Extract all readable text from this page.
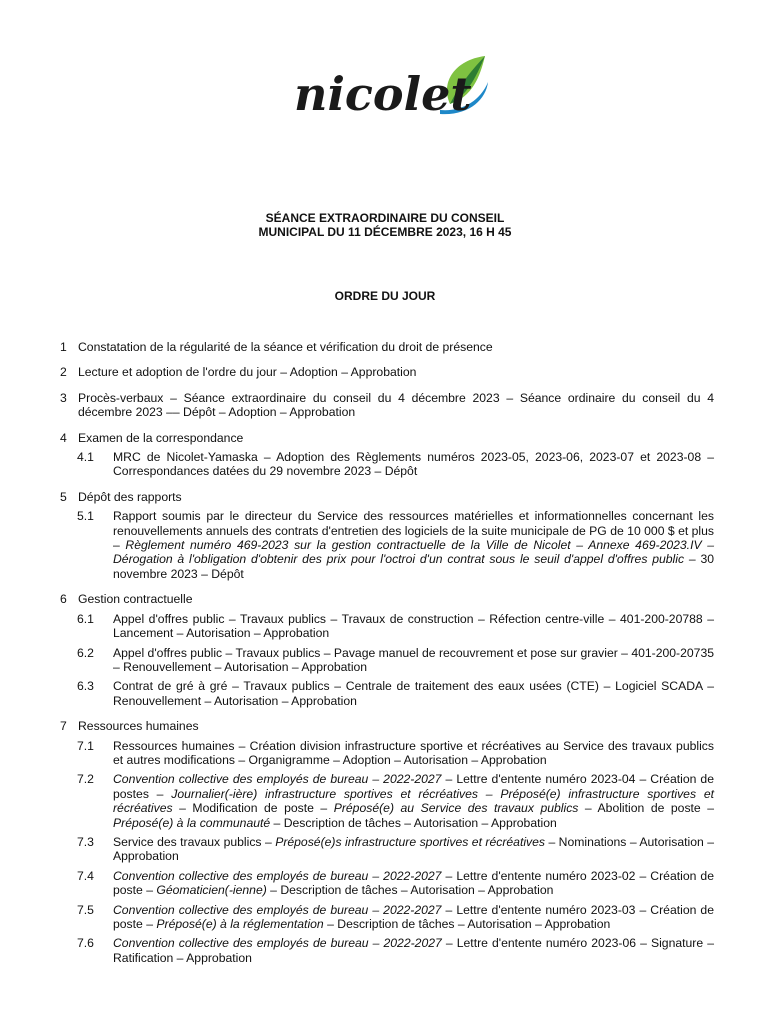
nicolet
SÉANCE EXTRAORDINAIRE DU CONSEIL
MUNICIPAL DU 11 DÉCEMBRE 2023, 16 H 45
ORDRE DU JOUR
1 Constatation de la régularité de la séance et vérification du droit de présence
2 Lecture et adoption de l'ordre du jour – Adoption – Approbation
3 Procès-verbaux – Séance extraordinaire du conseil du 4 décembre 2023 – Séance ordinaire du conseil du 4 décembre 2023 –– Dépôt – Adoption – Approbation
4 Examen de la correspondance
4.1	MRC de Nicolet-Yamaska – Adoption des Règlements numéros 2023-05, 2023-06, 2023-07 et 2023-08 – Correspondances datées du 29 novembre 2023 – Dépôt
5 Dépôt des rapports
5.1	Rapport soumis par le directeur du Service des ressources matérielles et informationnelles concernant les renouvellements annuels des contrats d'entretien des logiciels de la suite municipale de PG de 10 000 $ et plus – Règlement numéro 469-2023 sur la gestion contractuelle de la Ville de Nicolet – Annexe 469-2023.IV – Dérogation à l'obligation d'obtenir des prix pour l'octroi d'un contrat sous le seuil d'appel d'offres public – 30 novembre 2023 – Dépôt
6 Gestion contractuelle
6.1	Appel d'offres public – Travaux publics – Travaux de construction – Réfection centre-ville – 401-200-20788 – Lancement – Autorisation – Approbation
6.2	Appel d'offres public – Travaux publics – Pavage manuel de recouvrement et pose sur gravier – 401-200-20735 – Renouvellement – Autorisation – Approbation
6.3	Contrat de gré à gré – Travaux publics – Centrale de traitement des eaux usées (CTE) – Logiciel SCADA – Renouvellement – Autorisation – Approbation
7 Ressources humaines
7.1	Ressources humaines – Création division infrastructure sportive et récréatives au Service des travaux publics et autres modifications – Organigramme – Adoption – Autorisation – Approbation
7.2	Convention collective des employés de bureau – 2022-2027 – Lettre d'entente numéro 2023-04 – Création de postes – Journalier(-ière) infrastructure sportives et récréatives – Préposé(e) infrastructure sportives et récréatives – Modification de poste – Préposé(e) au Service des travaux publics – Abolition de poste – Préposé(e) à la communauté – Description de tâches – Autorisation – Approbation
7.3	Service des travaux publics – Préposé(e)s infrastructure sportives et récréatives – Nominations – Autorisation – Approbation
7.4	Convention collective des employés de bureau – 2022-2027 – Lettre d'entente numéro 2023-02 – Création de poste – Géomaticien(-ienne) – Description de tâches – Autorisation – Approbation
7.5	Convention collective des employés de bureau – 2022-2027 – Lettre d'entente numéro 2023-03 – Création de poste – Préposé(e) à la réglementation – Description de tâches – Autorisation – Approbation
7.6	Convention collective des employés de bureau – 2022-2027 – Lettre d'entente numéro 2023-06 – Signature – Ratification – Approbation
